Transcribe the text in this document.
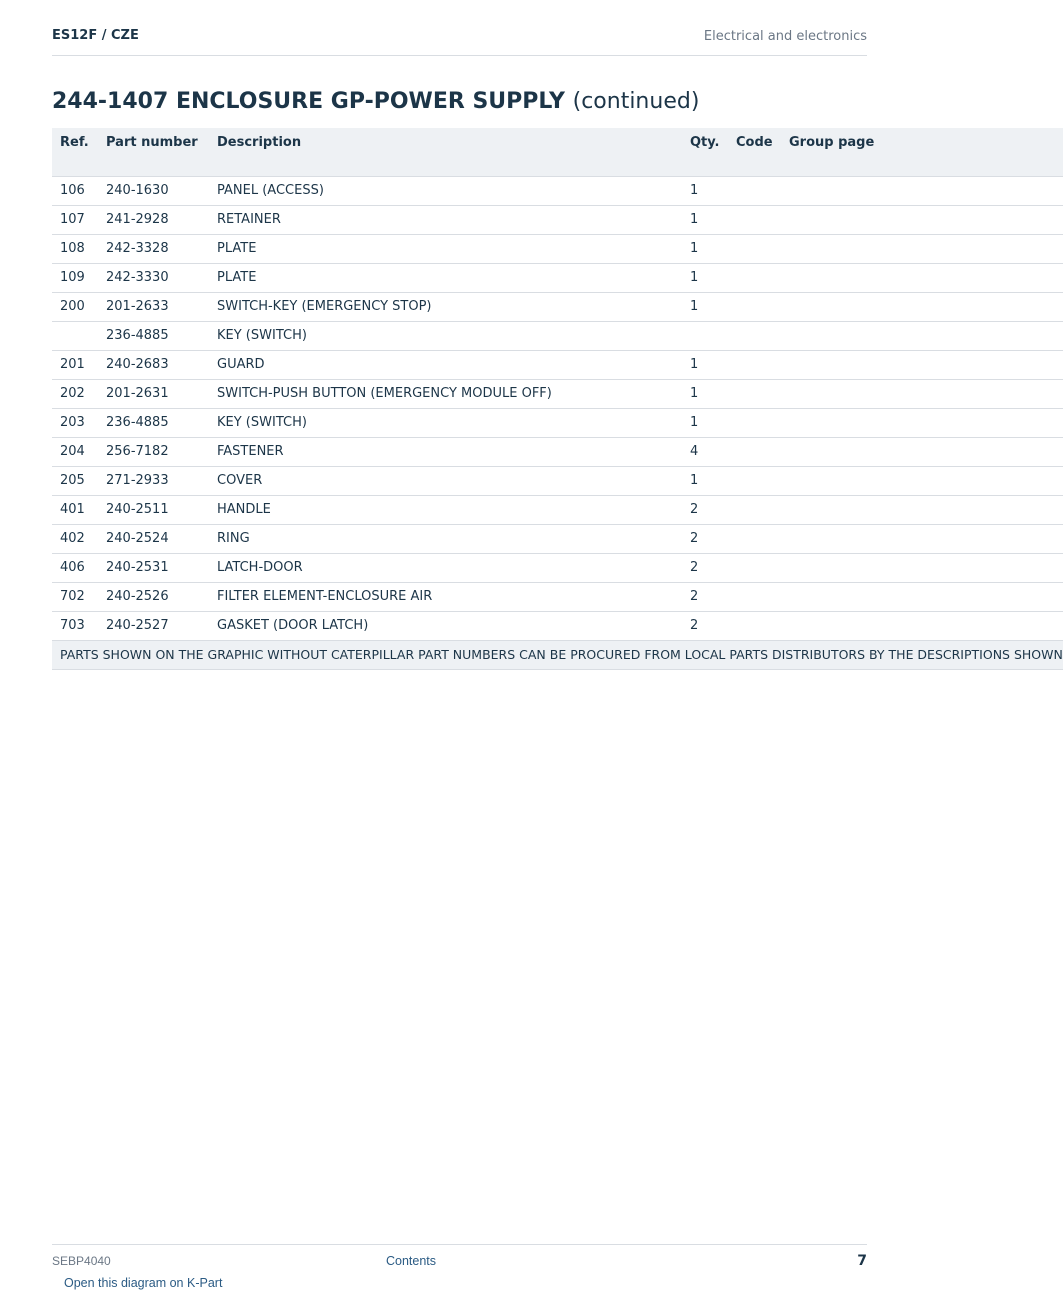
ES12F / CZE	Electrical and electronics
244-1407 ENCLOSURE GP-POWER SUPPLY (continued)
Ref.	Part number	Description	Qty.	Code	Group page
106	240-1630	PANEL (ACCESS)	1		
107	241-2928	RETAINER	1		
108	242-3328	PLATE	1		
109	242-3330	PLATE	1		
200	201-2633	SWITCH-KEY (EMERGENCY STOP)	1		
	236-4885	KEY (SWITCH)			
201	240-2683	GUARD	1		
202	201-2631	SWITCH-PUSH BUTTON (EMERGENCY MODULE OFF)	1		
203	236-4885	KEY (SWITCH)	1		
204	256-7182	FASTENER	4		
205	271-2933	COVER	1		
401	240-2511	HANDLE	2		
402	240-2524	RING	2		
406	240-2531	LATCH-DOOR	2		
702	240-2526	FILTER ELEMENT-ENCLOSURE AIR	2		
703	240-2527	GASKET (DOOR LATCH)	2		
PARTS SHOWN ON THE GRAPHIC WITHOUT CATERPILLAR PART NUMBERS CAN BE PROCURED FROM LOCAL PARTS DISTRIBUTORS BY THE DESCRIPTIONS SHOWN					
SEBP4040	Contents	7
Open this diagram on K-Part
